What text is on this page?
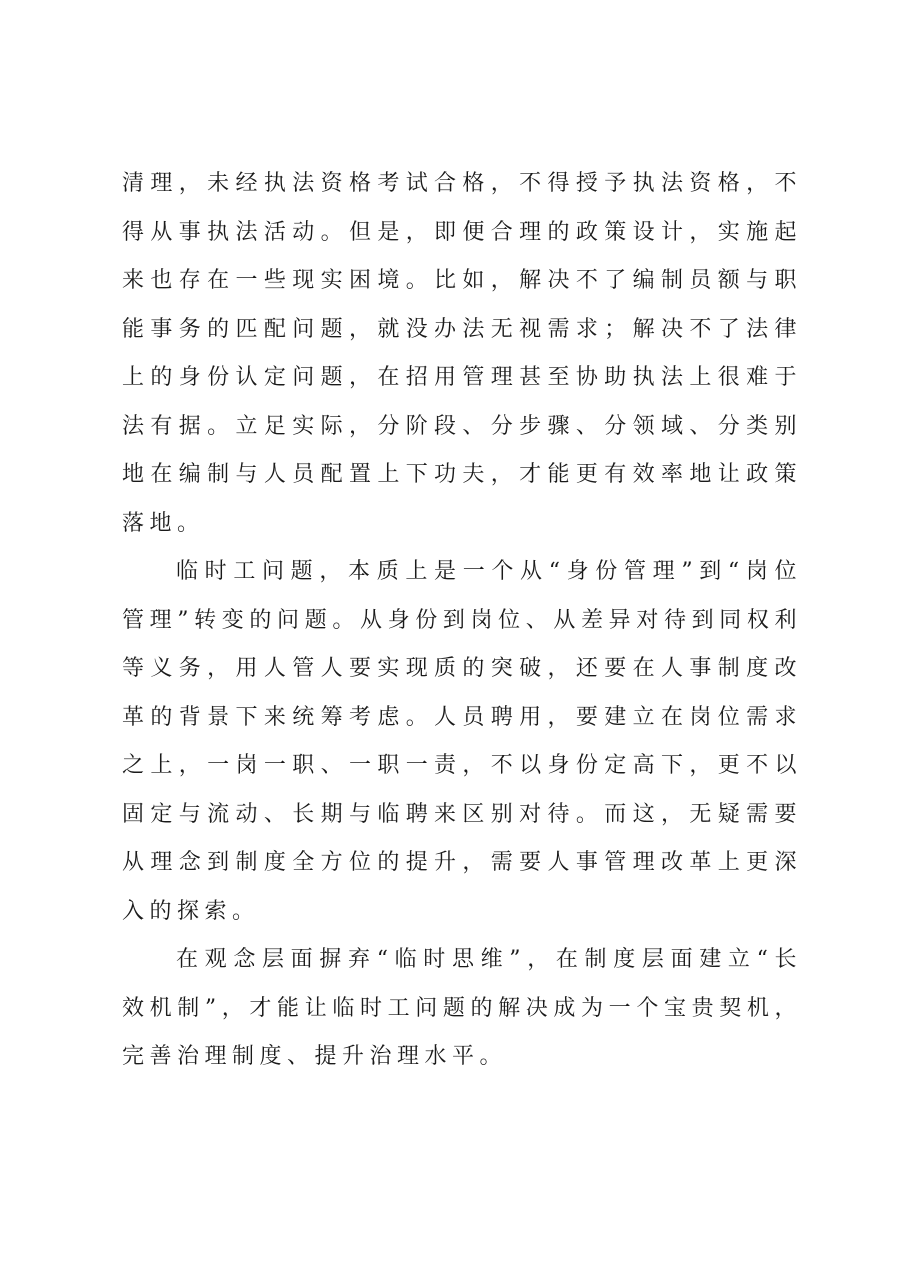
清理，未经执法资格考试合格，不得授予执法资格，不得从事执法活动。但是，即便合理的政策设计，实施起来也存在一些现实困境。比如，解决不了编制员额与职能事务的匹配问题，就没办法无视需求；解决不了法律上的身份认定问题，在招用管理甚至协助执法上很难于法有据。立足实际，分阶段、分步骤、分领域、分类别地在编制与人员配置上下功夫，才能更有效率地让政策落地。

临时工问题，本质上是一个从“身份管理”到“岗位管理”转变的问题。从身份到岗位、从差异对待到同权利等义务，用人管人要实现质的突破，还要在人事制度改革的背景下来统筹考虑。人员聘用，要建立在岗位需求之上，一岗一职、一职一责，不以身份定高下，更不以固定与流动、长期与临聘来区别对待。而这，无疑需要从理念到制度全方位的提升，需要人事管理改革上更深入的探索。

在观念层面摒弃“临时思维”，在制度层面建立“长效机制”，才能让临时工问题的解决成为一个宝贵契机，完善治理制度、提升治理水平。
